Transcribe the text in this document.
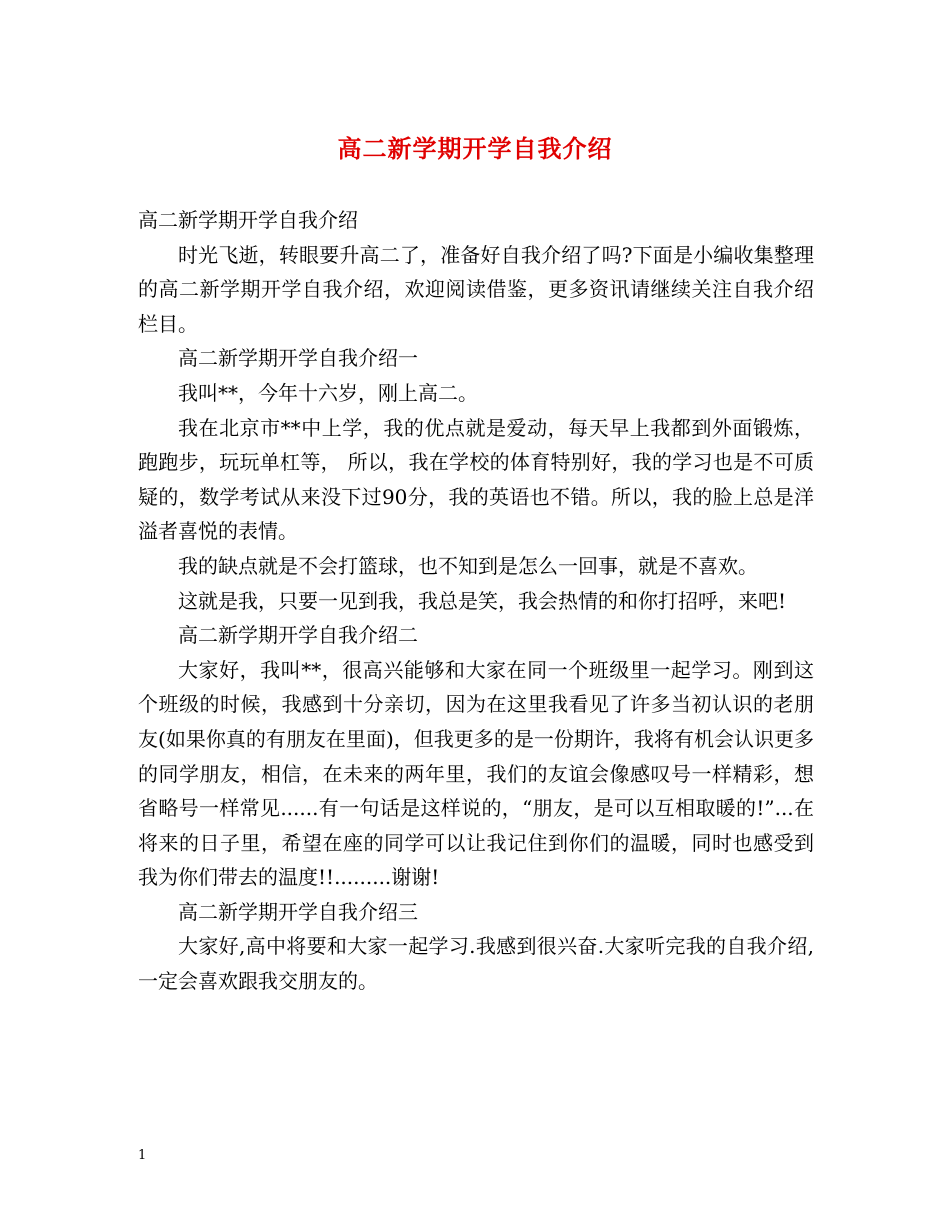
高二新学期开学自我介绍

高二新学期开学自我介绍

时光飞逝，转眼要升高二了，准备好自我介绍了吗?下面是小编收集整理的高二新学期开学自我介绍，欢迎阅读借鉴，更多资讯请继续关注自我介绍栏目。

高二新学期开学自我介绍一

我叫**，今年十六岁，刚上高二。

我在北京市**中上学，我的优点就是爱动，每天早上我都到外面锻炼，跑跑步，玩玩单杠等， 所以，我在学校的体育特别好，我的学习也是不可质疑的，数学考试从来没下过90分，我的英语也不错。所以，我的脸上总是洋溢者喜悦的表情。

我的缺点就是不会打篮球，也不知到是怎么一回事，就是不喜欢。

这就是我，只要一见到我，我总是笑，我会热情的和你打招呼，来吧!

高二新学期开学自我介绍二

大家好，我叫**，很高兴能够和大家在同一个班级里一起学习。刚到这个班级的时候，我感到十分亲切，因为在这里我看见了许多当初认识的老朋友(如果你真的有朋友在里面)，但我更多的是一份期许，我将有机会认识更多的同学朋友，相信，在未来的两年里，我们的友谊会像感叹号一样精彩，想省略号一样常见......有一句话是这样说的，“朋友，是可以互相取暖的!”...在将来的日子里，希望在座的同学可以让我记住到你们的温暖，同时也感受到我为你们带去的温度!!.........谢谢!

高二新学期开学自我介绍三

大家好,高中将要和大家一起学习.我感到很兴奋.大家听完我的自我介绍,一定会喜欢跟我交朋友的。

1
